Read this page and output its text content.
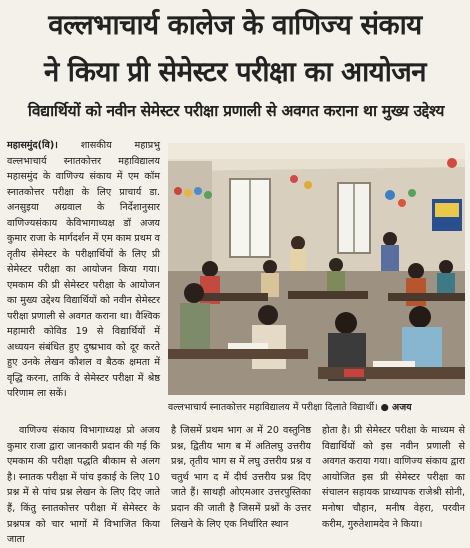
वल्लभाचार्य कालेज के वाणिज्य संकाय
ने किया प्री सेमेस्टर परीक्षा का आयोजन
विद्यार्थियों को नवीन सेमेस्टर परीक्षा प्रणाली से अवगत कराना था मुख्य उद्देश्य

महासमुंद(वि)। शासकीय महाप्रभु वल्लभाचार्य स्नातकोत्तर महाविद्यालय महासमुंद के वाणिज्य संकाय में एम कॉम स्नातकोत्तर परीक्षा के लिए प्राचार्य डा. अनसुइया अग्रवाल के निर्देशानुसार वाणिज्यसंकाय केविभागाध्यक्ष डॉ अजय कुमार राजा के मार्गदर्शन में एम काम प्रथम व तृतीय सेमेस्टर के परीक्षार्थियों के लिए प्री सेमेस्टर परीक्षा का आयोजन किया गया। एमकाम की प्री सेमेस्टर परीक्षा के आयोजन का मुख्य उद्देश्य विद्यार्थियों को नवीन सेमेस्टर परीक्षा प्रणाली से अवगत कराना था। वैश्विक महामारी कोविड 19 से विद्यार्थियों में अध्ययन संबंधित हुए दुष्प्रभाव को दूर करते हुए उनके लेखन कौशल व बैठक क्षमता में वृद्धि करना, ताकि वे सेमेस्टर परीक्षा में श्रेष्ठ परिणाम ला सकें।

वल्लभाचार्य स्नातकोत्तर महाविद्यालय में परीक्षा दिलाते विद्यार्थी। ● अजय

वाणिज्य संकाय विभागाध्यक्ष प्रो अजय कुमार राजा द्वारा जानकारी प्रदान की गई कि एमकाम की परीक्षा पद्धति बीकाम से अलग है। स्नातक परीक्षा में पांच इकाई के लिए 10 प्रश्न में से पांच प्रश्न लेखन के लिए दिए जाते हैं, किंतु स्नातकोत्तर परीक्षा में सेमेस्टर के प्रश्नपत्र को चार भागों में विभाजित किया जाता

है जिसमें प्रथम भाग अ में 20 वस्तुनिष्ठ प्रश्न, द्वितीय भाग ब में अतिलघु उत्तरीय प्रश्न, तृतीय भाग स में लघु उत्तरीय प्रश्न व चतुर्थ भाग द में दीर्घ उत्तरीय प्रश्न दिए जाते हैं। साथही ओएमआर उत्तरपुस्तिका प्रदान की जाती है जिसमें प्रश्नों के उत्तर लिखने के लिए एक निर्धारित स्थान

होता है। प्री सेमेस्टर परीक्षा के माध्यम से विद्यार्थियों को इस नवीन प्रणाली से अवगत कराया गया। वाणिज्य संकाय द्वारा आयोजित इस प्री सेमेस्टर परीक्षा का संचालन सहायक प्राध्यापक राजेश्री सोनी, मनोषा चौहान, मनीष वेहरा, परवीन करीम, गुरुतेशामदेव ने किया।
